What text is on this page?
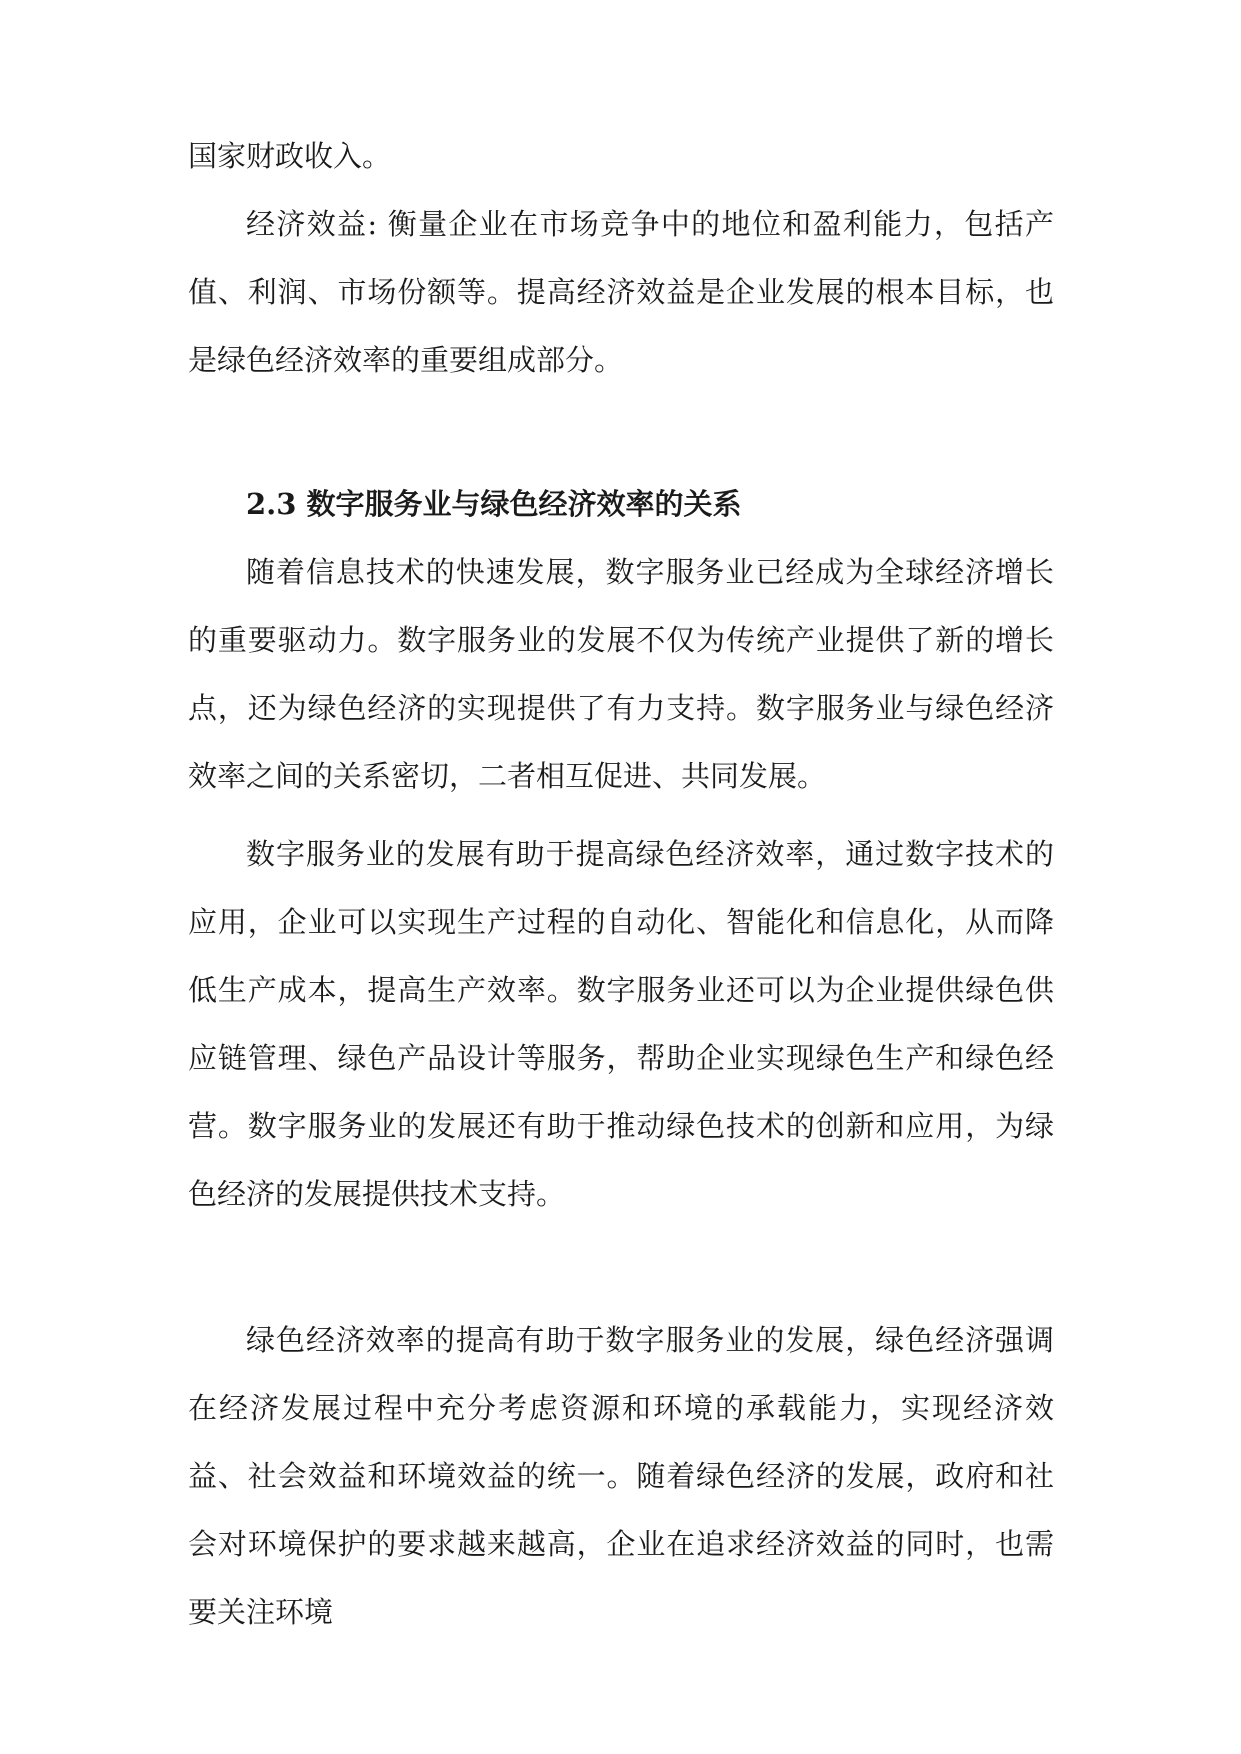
国家财政收入。

经济效益: 衡量企业在市场竞争中的地位和盈利能力，包括产值、利润、市场份额等。提高经济效益是企业发展的根本目标，也是绿色经济效率的重要组成部分。

2.3 数字服务业与绿色经济效率的关系

随着信息技术的快速发展，数字服务业已经成为全球经济增长的重要驱动力。数字服务业的发展不仅为传统产业提供了新的增长点，还为绿色经济的实现提供了有力支持。数字服务业与绿色经济效率之间的关系密切，二者相互促进、共同发展。

数字服务业的发展有助于提高绿色经济效率，通过数字技术的应用，企业可以实现生产过程的自动化、智能化和信息化，从而降低生产成本，提高生产效率。数字服务业还可以为企业提供绿色供应链管理、绿色产品设计等服务，帮助企业实现绿色生产和绿色经营。数字服务业的发展还有助于推动绿色技术的创新和应用，为绿色经济的发展提供技术支持。

绿色经济效率的提高有助于数字服务业的发展，绿色经济强调在经济发展过程中充分考虑资源和环境的承载能力，实现经济效益、社会效益和环境效益的统一。随着绿色经济的发展，政府和社会对环境保护的要求越来越高，企业在追求经济效益的同时，也需要关注环境
